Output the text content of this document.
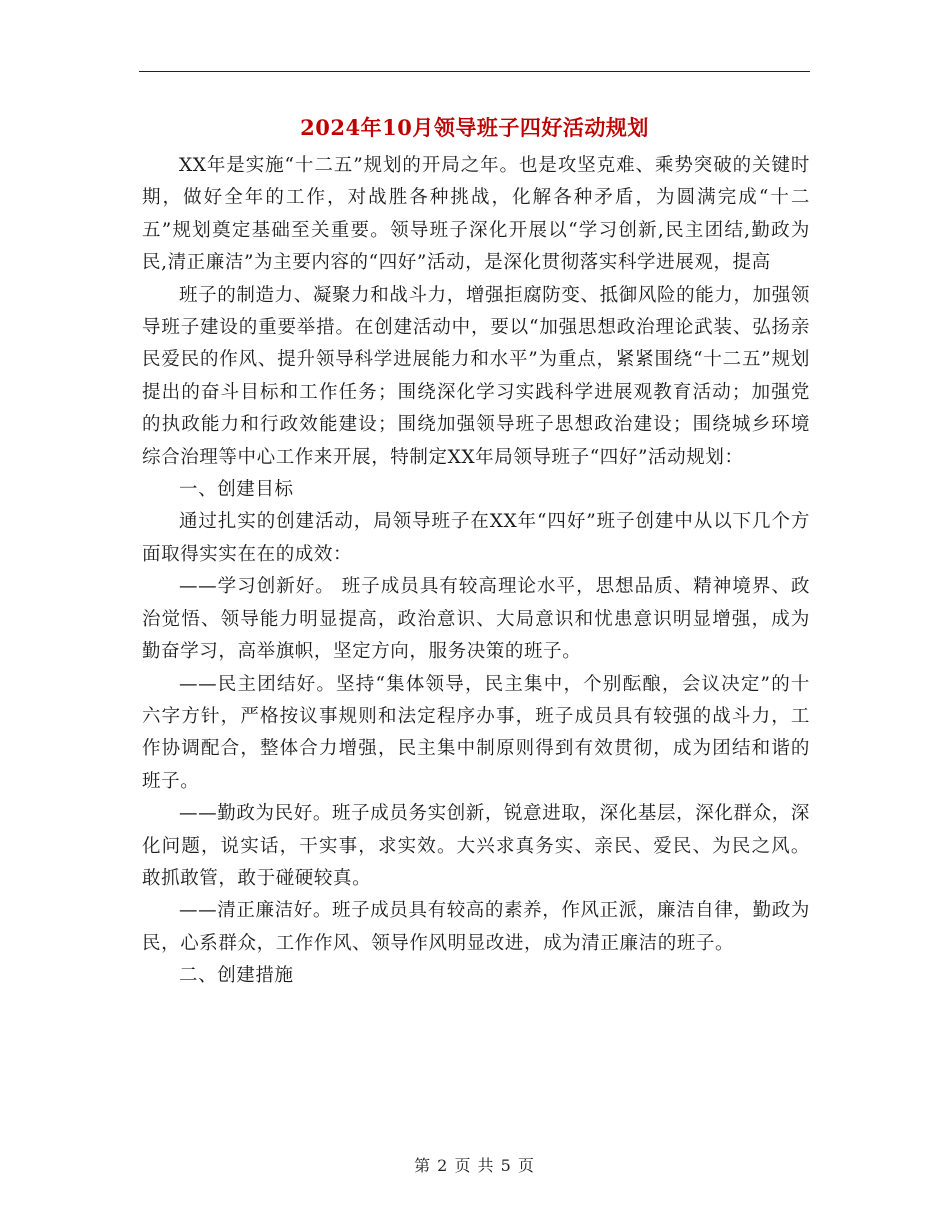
2024年10月领导班子四好活动规划

XX年是实施“十二五”规划的开局之年。也是攻坚克难、乘势突破的关键时期，做好全年的工作，对战胜各种挑战，化解各种矛盾，为圆满完成“十二五”规划奠定基础至关重要。领导班子深化开展以“学习创新,民主团结,勤政为民,清正廉洁”为主要内容的“四好”活动，是深化贯彻落实科学进展观，提高

班子的制造力、凝聚力和战斗力，增强拒腐防变、抵御风险的能力，加强领导班子建设的重要举措。在创建活动中，要以“加强思想政治理论武装、弘扬亲民爱民的作风、提升领导科学进展能力和水平”为重点，紧紧围绕“十二五”规划提出的奋斗目标和工作任务；围绕深化学习实践科学进展观教育活动；加强党的执政能力和行政效能建设；围绕加强领导班子思想政治建设；围绕城乡环境综合治理等中心工作来开展，特制定XX年局领导班子“四好”活动规划：

一、创建目标

通过扎实的创建活动，局领导班子在XX年“四好”班子创建中从以下几个方面取得实实在在的成效：

——学习创新好。 班子成员具有较高理论水平，思想品质、精神境界、政治觉悟、领导能力明显提高，政治意识、大局意识和忧患意识明显增强，成为勤奋学习，高举旗帜，坚定方向，服务决策的班子。

——民主团结好。坚持“集体领导，民主集中，个别酝酿，会议决定”的十六字方针，严格按议事规则和法定程序办事，班子成员具有较强的战斗力，工作协调配合，整体合力增强，民主集中制原则得到有效贯彻，成为团结和谐的班子。

——勤政为民好。班子成员务实创新，锐意进取，深化基层，深化群众，深化问题，说实话，干实事，求实效。大兴求真务实、亲民、爱民、为民之风。敢抓敢管，敢于碰硬较真。

——清正廉洁好。班子成员具有较高的素养，作风正派，廉洁自律，勤政为民，心系群众，工作作风、领导作风明显改进，成为清正廉洁的班子。

二、创建措施

第 2 页 共 5 页
